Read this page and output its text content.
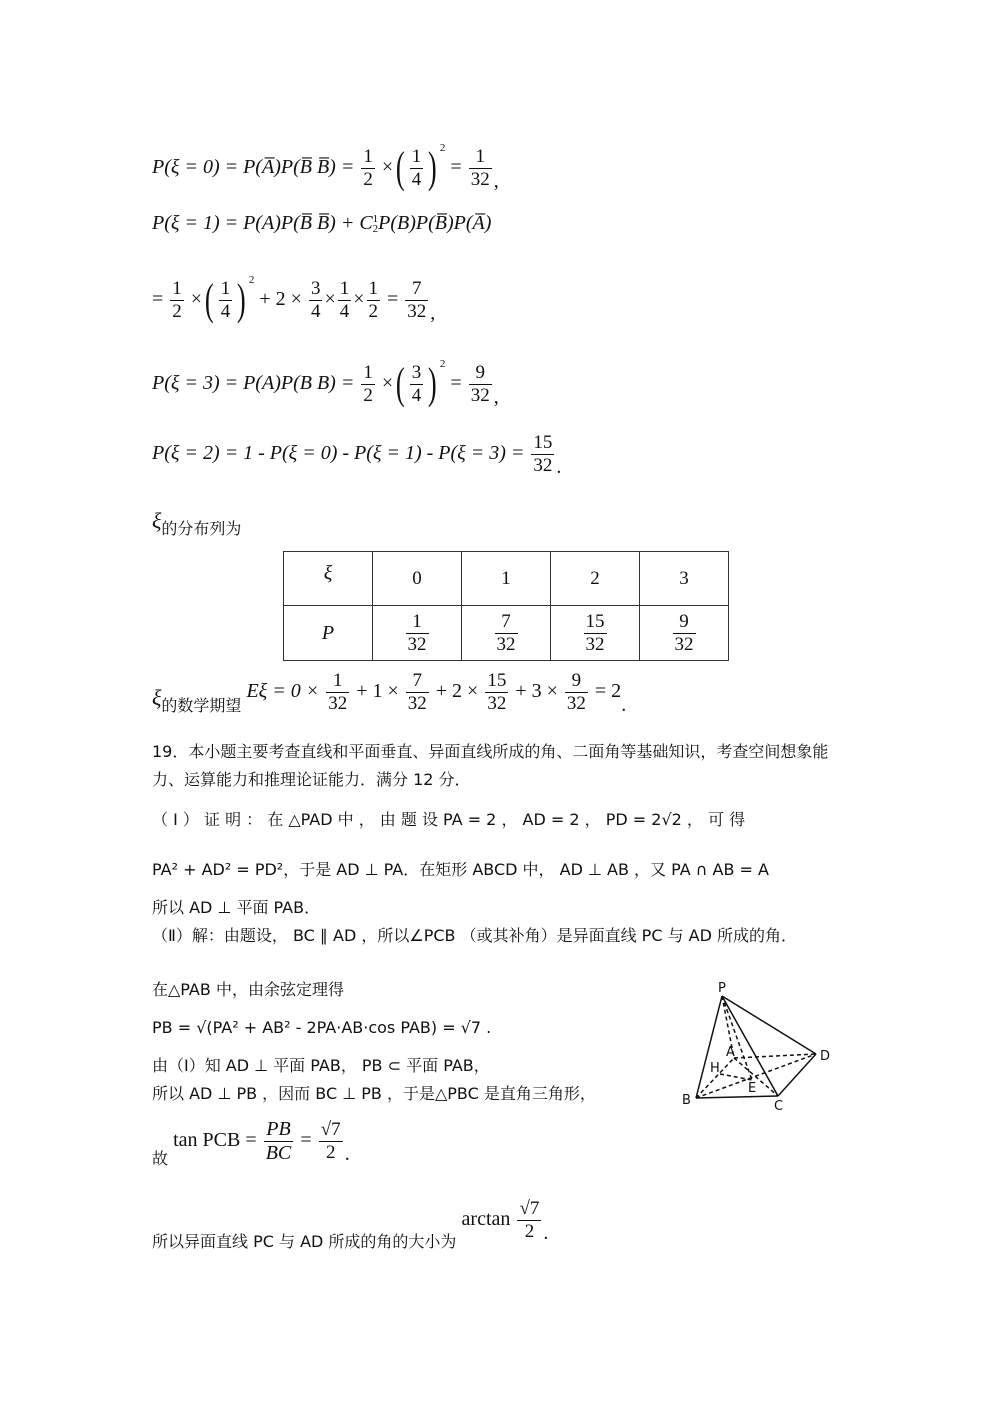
P(ξ = 0) = P(A̅)P(B̅ B̅) = $\frac{1}{2}$ ×( $\frac{1}{4}$ ) $^2 = \frac{1}{32}$ ,
P(ξ = 1) = P(A)P(B̅ B̅) + C 1
2 P(B)P(B̅)P(A̅)
= $\frac{1}{2}$ ×( $\frac{1}{4}$ ) $^2 + 2 \times \frac{3}{4} \times \frac{1}{4} \times \frac{1}{2} = \frac{7}{32}$ ,
P(ξ = 3) = P(A)P(B $B) = \frac{1}{2}$ ×( $\frac{3}{4}$ ) $^2 = \frac{9}{32}$ ,
$P(\xi = 2) = 1 - P(\xi = 0) - P(\xi = 1) - P(\xi = 3) = \frac{15}{32}$ .
ξ的分布列为
ξ	0	1	2	3
P	$\frac{1}{32}$	$\frac{7}{32}$	$\frac{15}{32}$	$\frac{9}{32}$
$\xi_{的数学期望}$ $E\xi = 0 \times \frac{1}{32} + 1 \times \frac{7}{32} + 2 \times \frac{15}{32} + 3 \times \frac{9}{32} = 2$.
19．本小题主要考查直线和平面垂直、异面直线所成的角、二面角等基础知识，考查空间想象能力、运算能力和推理论证能力．满分 12 分．
（ Ⅰ ） 证 明 ： 在 △PAD 中 ， 由 题 设 PA = 2 ， AD = 2 ， PD = 2√2 ， 可 得
PA² + AD² = PD²，于是 AD ⊥ PA．在矩形 ABCD 中， AD ⊥ AB ，又 PA ∩ AB = A
所以 AD ⊥ 平面 PAB．
（Ⅱ）解：由题设， BC ∥ AD ，所以∠PCB （或其补角）是异面直线 PC 与 AD 所成的角．
在△PAB 中，由余弦定理得
PB = √(PA² + AB² - 2PA·AB·cos PAB) = √7 .
由（Ⅰ）知 AD ⊥ 平面 PAB， PB ⊂ 平面 PAB，
所以 AD ⊥ PB ，因而 BC ⊥ PB ，于是△PBC 是直角三角形，
故 tan PCB = $\frac{PB}{BC} = \frac{√7}{2}$ .
所以异面直线 PC 与 AD 所成的角的大小为 $\arctan \frac{√7}{2}$ .
P
A	D
H
E
B	C
